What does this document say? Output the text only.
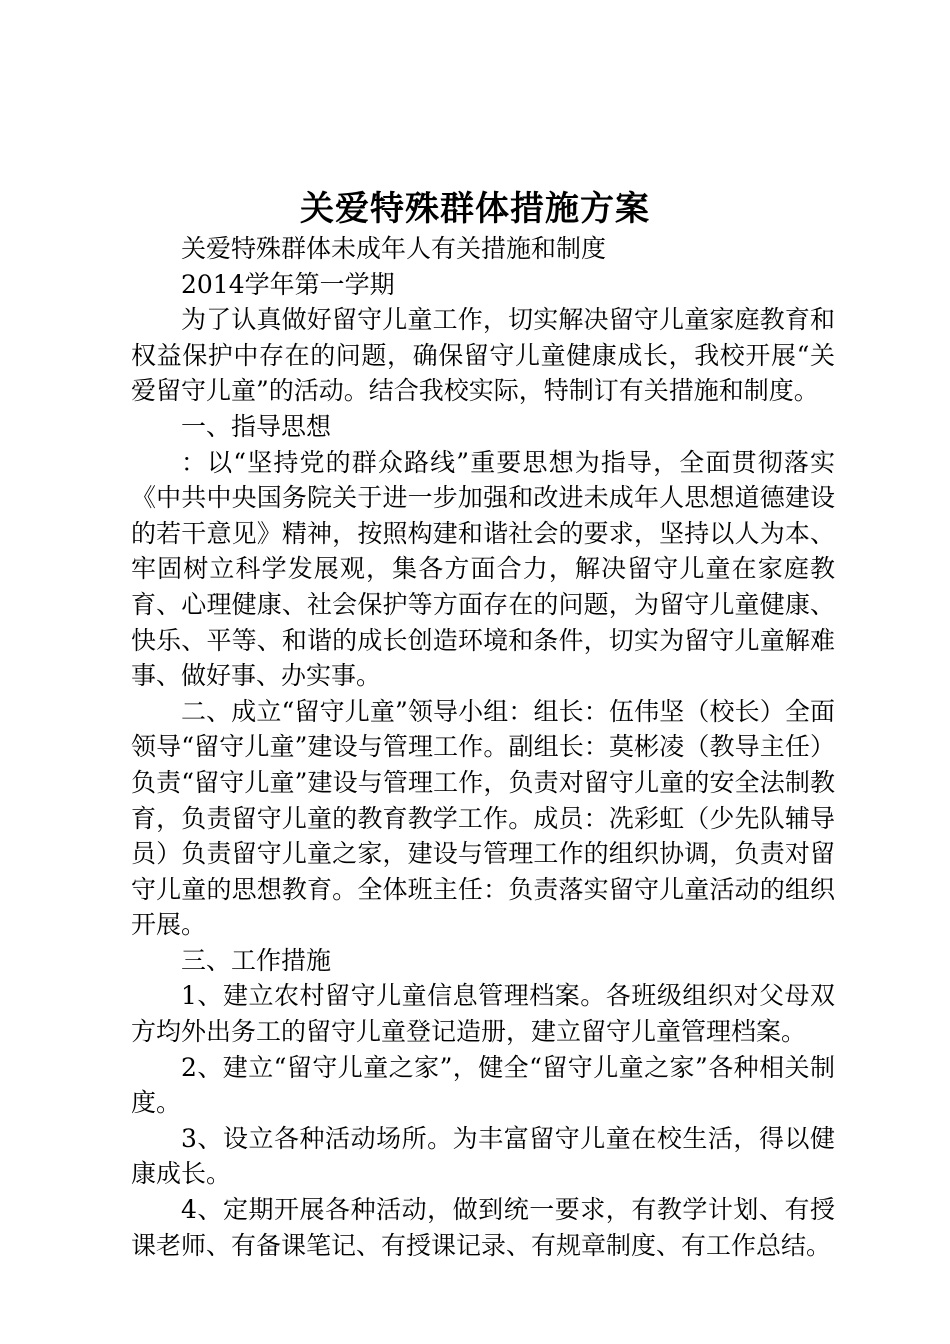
关爱特殊群体措施方案

关爱特殊群体未成年人有关措施和制度

2014学年第一学期

为了认真做好留守儿童工作，切实解决留守儿童家庭教育和权益保护中存在的问题，确保留守儿童健康成长，我校开展“关爱留守儿童”的活动。结合我校实际，特制订有关措施和制度。

一、指导思想

：以“坚持党的群众路线”重要思想为指导，全面贯彻落实《中共中央国务院关于进一步加强和改进未成年人思想道德建设的若干意见》精神，按照构建和谐社会的要求，坚持以人为本、牢固树立科学发展观，集各方面合力，解决留守儿童在家庭教育、心理健康、社会保护等方面存在的问题，为留守儿童健康、快乐、平等、和谐的成长创造环境和条件，切实为留守儿童解难事、做好事、办实事。

二、成立“留守儿童”领导小组：组长：伍伟坚（校长）全面领导“留守儿童”建设与管理工作。副组长：莫彬凌（教导主任）负责“留守儿童”建设与管理工作，负责对留守儿童的安全法制教育，负责留守儿童的教育教学工作。成员：冼彩虹（少先队辅导员）负责留守儿童之家，建设与管理工作的组织协调，负责对留守儿童的思想教育。全体班主任：负责落实留守儿童活动的组织开展。

三、工作措施

1、建立农村留守儿童信息管理档案。各班级组织对父母双方均外出务工的留守儿童登记造册，建立留守儿童管理档案。

2、建立“留守儿童之家”，健全“留守儿童之家”各种相关制度。

3、设立各种活动场所。为丰富留守儿童在校生活，得以健康成长。

4、定期开展各种活动，做到统一要求，有教学计划、有授课老师、有备课笔记、有授课记录、有规章制度、有工作总结。
